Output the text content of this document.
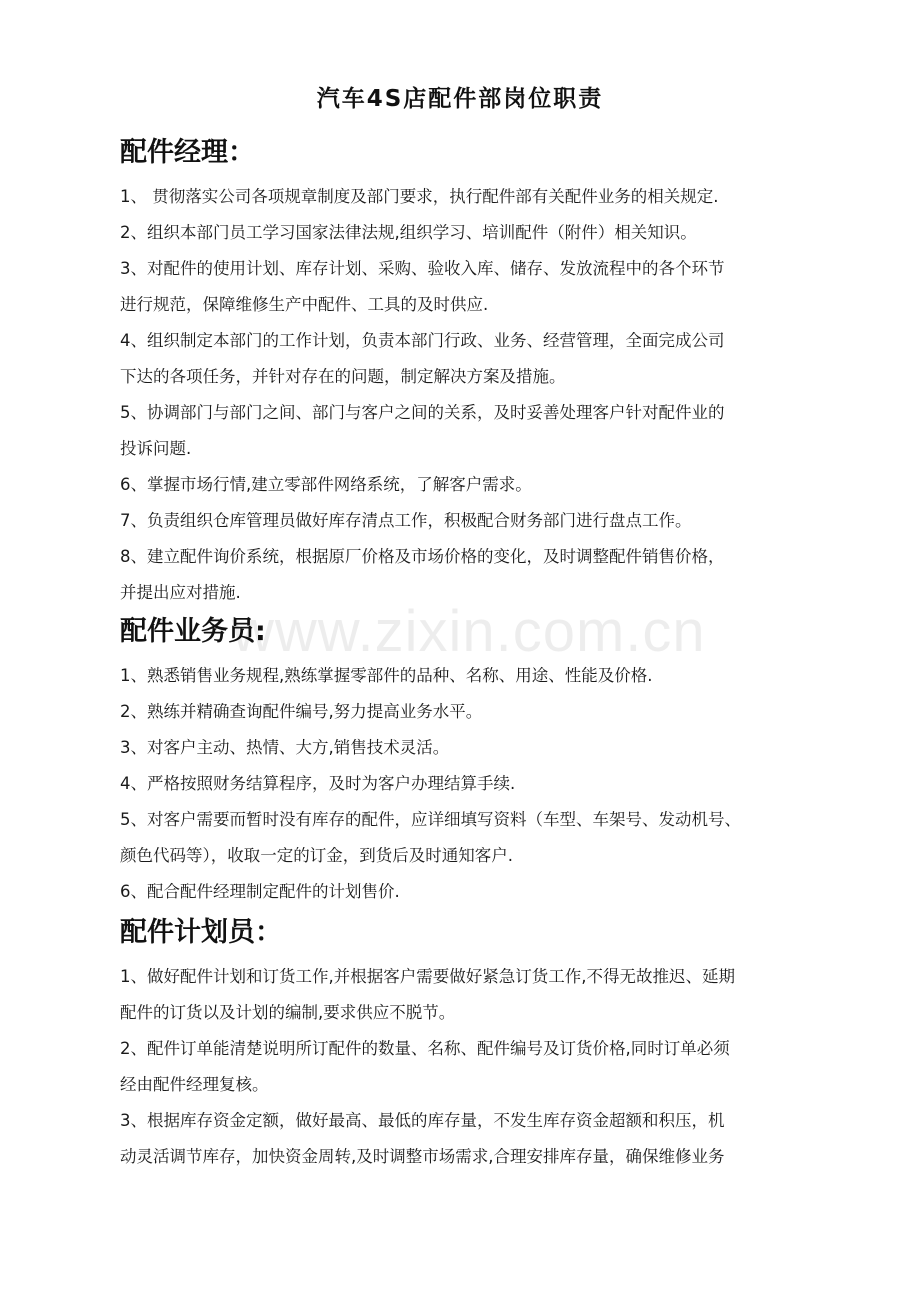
汽车4S店配件部岗位职责
配件经理：
1、 贯彻落实公司各项规章制度及部门要求，执行配件部有关配件业务的相关规定.
2、组织本部门员工学习国家法律法规,组织学习、培训配件（附件）相关知识。
3、对配件的使用计划、库存计划、采购、验收入库、储存、发放流程中的各个环节
进行规范，保障维修生产中配件、工具的及时供应.
4、组织制定本部门的工作计划，负责本部门行政、业务、经营管理，全面完成公司
下达的各项任务，并针对存在的问题，制定解决方案及措施。
5、协调部门与部门之间、部门与客户之间的关系，及时妥善处理客户针对配件业的
投诉问题.
6、掌握市场行情,建立零部件网络系统，了解客户需求。
7、负责组织仓库管理员做好库存清点工作，积极配合财务部门进行盘点工作。
8、建立配件询价系统，根据原厂价格及市场价格的变化，及时调整配件销售价格，
并提出应对措施.
配件业务员:
1、熟悉销售业务规程,熟练掌握零部件的品种、名称、用途、性能及价格.
2、熟练并精确查询配件编号,努力提高业务水平。
3、对客户主动、热情、大方,销售技术灵活。
4、严格按照财务结算程序，及时为客户办理结算手续.
5、对客户需要而暂时没有库存的配件，应详细填写资料（车型、车架号、发动机号、
颜色代码等），收取一定的订金，到货后及时通知客户.
6、配合配件经理制定配件的计划售价.
配件计划员：
1、做好配件计划和订货工作,并根据客户需要做好紧急订货工作,不得无故推迟、延期
配件的订货以及计划的编制,要求供应不脱节。
2、配件订单能清楚说明所订配件的数量、名称、配件编号及订货价格,同时订单必须
经由配件经理复核。
3、根据库存资金定额，做好最高、最低的库存量，不发生库存资金超额和积压，机
动灵活调节库存，加快资金周转,及时调整市场需求,合理安排库存量，确保维修业务
www.zixin.com.cn
